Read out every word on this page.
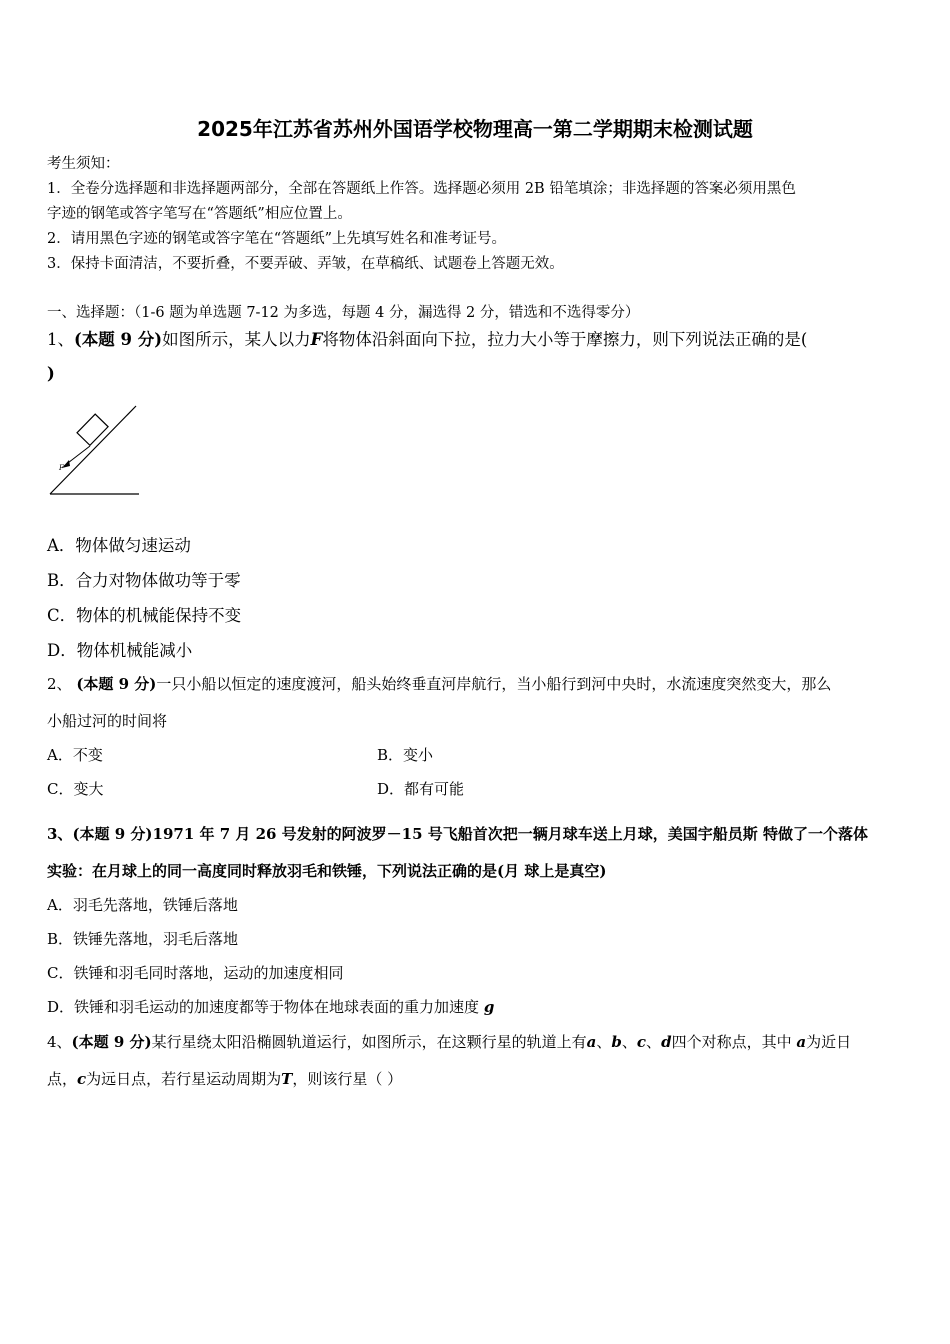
2025年江苏省苏州外国语学校物理高一第二学期期末检测试题
考生须知：
1．全卷分选择题和非选择题两部分，全部在答题纸上作答。选择题必须用 2B 铅笔填涂；非选择题的答案必须用黑色
字迹的钢笔或答字笔写在“答题纸”相应位置上。
2．请用黑色字迹的钢笔或答字笔在“答题纸”上先填写姓名和准考证号。
3．保持卡面清洁，不要折叠，不要弄破、弄皱，在草稿纸、试题卷上答题无效。
一、选择题：（1-6 题为单选题 7-12 为多选，每题 4 分，漏选得 2 分，错选和不选得零分）
1、(本题 9 分)如图所示，某人以力F将物体沿斜面向下拉，拉力大小等于摩擦力，则下列说法正确的是(
)
F
A．物体做匀速运动
B．合力对物体做功等于零
C．物体的机械能保持不变
D．物体机械能减小
2、 (本题 9 分)一只小船以恒定的速度渡河，船头始终垂直河岸航行，当小船行到河中央时，水流速度突然变大，那么
小船过河的时间将
A．不变	B．变小
C．变大	D．都有可能
3、(本题 9 分)1971 年 7 月 26 号发射的阿波罗－15 号飞船首次把一辆月球车送上月球，美国宇船员斯 特做了一个落体
实验：在月球上的同一高度同时释放羽毛和铁锤，下列说法正确的是(月 球上是真空)
A．羽毛先落地，铁锤后落地
B．铁锤先落地，羽毛后落地
C．铁锤和羽毛同时落地，运动的加速度相同
D．铁锤和羽毛运动的加速度都等于物体在地球表面的重力加速度 g
4、(本题 9 分)某行星绕太阳沿椭圆轨道运行，如图所示，在这颗行星的轨道上有a、b、c、d四个对称点，其中 a为近日
点，c为远日点，若行星运动周期为T，则该行星（ ）
